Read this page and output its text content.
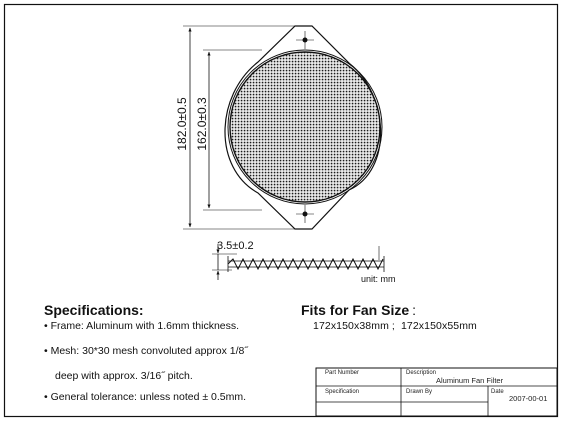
182.0±0.5 162.0±0.3
3.5±0.2
unit: mm
Specifications:
• Frame: Aluminum with 1.6mm thickness.
• Mesh: 30*30 mesh convoluted approx 1/8˝
deep with approx. 3/16˝ pitch.
• General tolerance: unless noted ± 0.5mm.
Fits for Fan Size :
172x150x38mm ;  172x150x55mm
Part Number	Description
Aluminum Fan Filter
Specification	Drawn By	Date
2007-00-01
